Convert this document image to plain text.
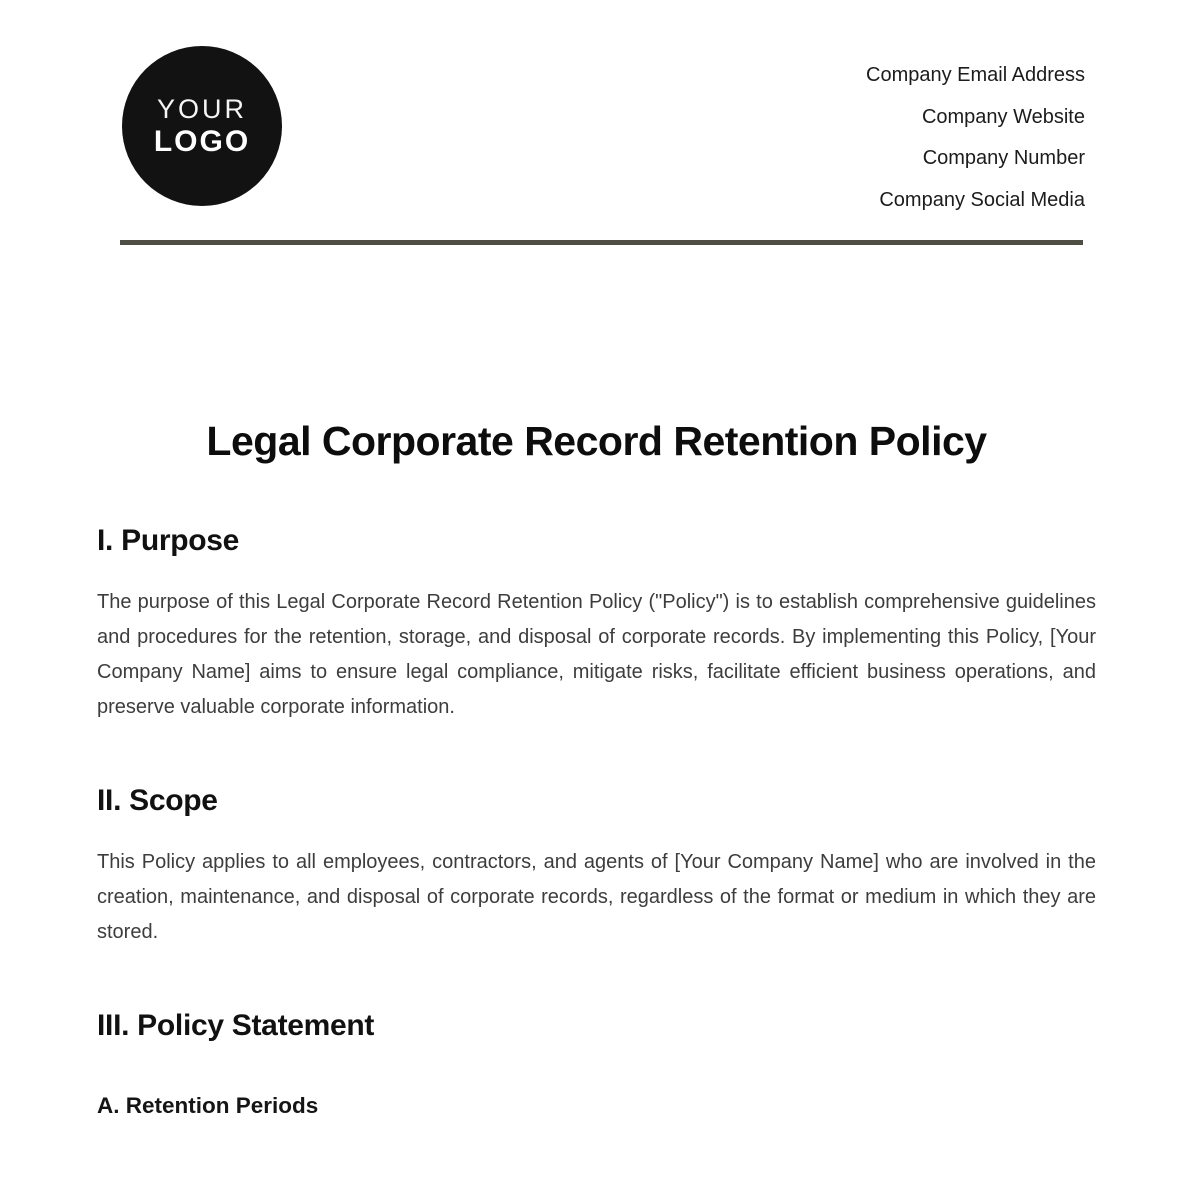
YOUR
LOGO
Company Email Address
Company Website
Company Number
Company Social Media
Legal Corporate Record Retention Policy
I. Purpose

The purpose of this Legal Corporate Record Retention Policy ("Policy") is to establish comprehensive guidelines and procedures for the retention, storage, and disposal of corporate records. By implementing this Policy, [Your Company Name] aims to ensure legal compliance, mitigate risks, facilitate efficient business operations, and preserve valuable corporate information.

II. Scope

This Policy applies to all employees, contractors, and agents of [Your Company Name] who are involved in the creation, maintenance, and disposal of corporate records, regardless of the format or medium in which they are stored.

III. Policy Statement
A. Retention Periods
